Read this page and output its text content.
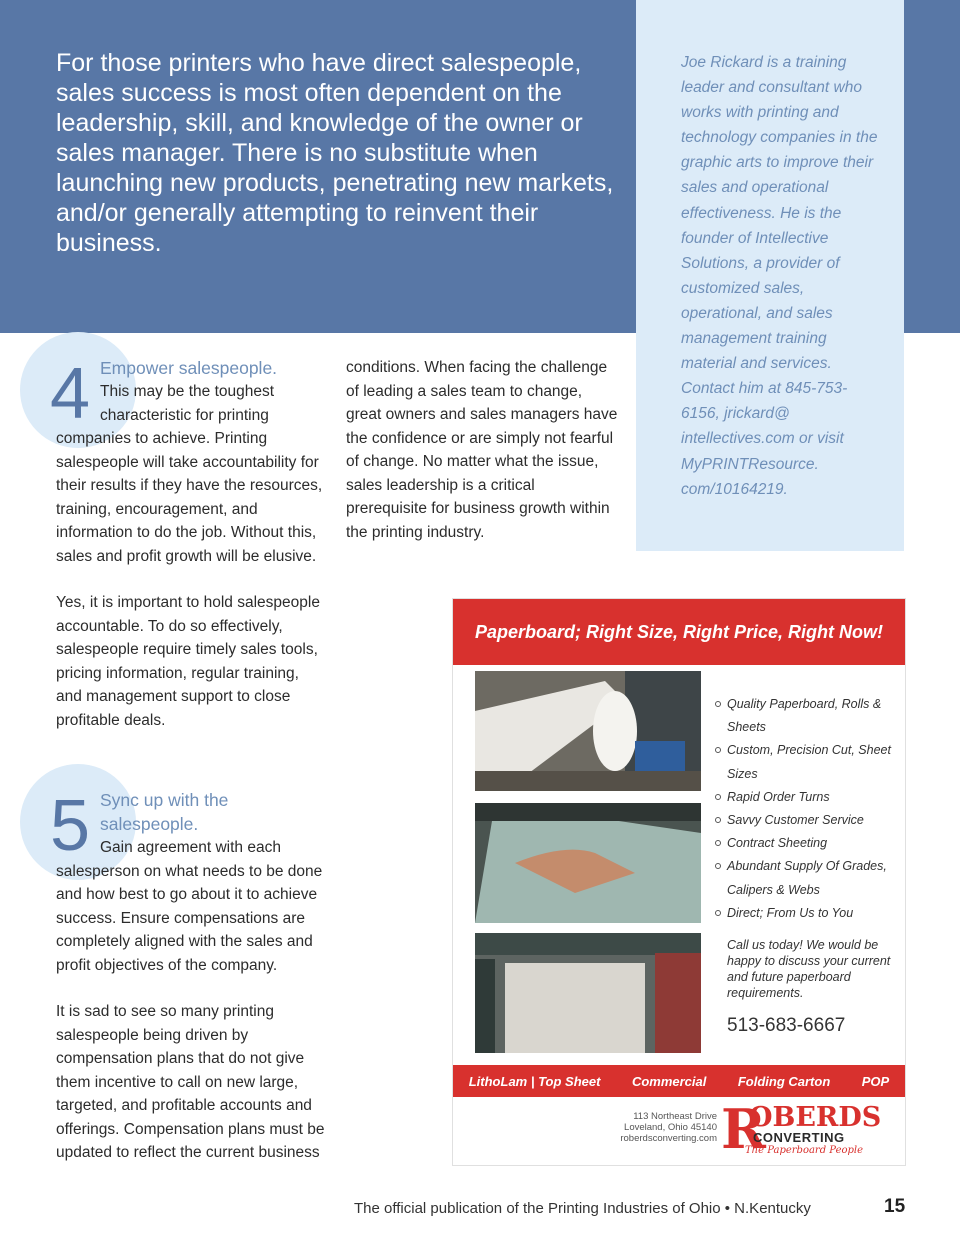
For those printers who have direct salespeople, sales success is most often dependent on the leadership, skill, and knowledge of the owner or sales manager. There is no substitute when launching new products, penetrating new markets, and/or generally attempting to reinvent their business.

Joe Rickard is a training leader and consultant who works with printing and technology companies in the graphic arts to improve their sales and operational effectiveness. He is the founder of Intellective Solutions, a provider of customized sales, operational, and sales management training material and services. Contact him at 845-753-6156, jrickard@ intellectives.com or visit MyPRINTResource. com/10164219.

4 Empower salespeople.

This may be the toughest characteristic for printing
companies to achieve. Printing salespeople will take accountability for their results if they have the resources, training, encouragement, and information to do the job. Without this, sales and profit growth will be elusive.

Yes, it is important to hold salespeople accountable. To do so effectively, salespeople require timely sales tools, pricing information, regular training, and management support to close profitable deals.

5 Sync up with the salespeople.

Gain agreement with each
salesperson on what needs to be done and how best to go about it to achieve success. Ensure compensations are completely aligned with the sales and profit objectives of the company.

It is sad to see so many printing salespeople being driven by compensation plans that do not give them incentive to call on new large, targeted, and profitable accounts and offerings. Compensation plans must be updated to reflect the current business

conditions. When facing the challenge of leading a sales team to change, great owners and sales managers have the confidence or are simply not fearful of change. No matter what the issue, sales leadership is a critical prerequisite for business growth within the printing industry.

Paperboard; Right Size, Right Price, Right Now!
Quality Paperboard, Rolls & Sheets
Custom, Precision Cut, Sheet Sizes
Rapid Order Turns
Savvy Customer Service
Contract Sheeting
Abundant Supply Of Grades, Calipers & Webs
Direct; From Us to You
Call us today! We would be happy to discuss your current and future paperboard requirements.
513-683-6667
LithoLam | Top Sheet Commercial Folding Carton POP
113 Northeast Drive
Loveland, Ohio 45140
roberdsconverting.com R
OBERDS
CONVERTING
The Paperboard People
The official publication of the Printing Industries of Ohio • N.Kentucky	15
